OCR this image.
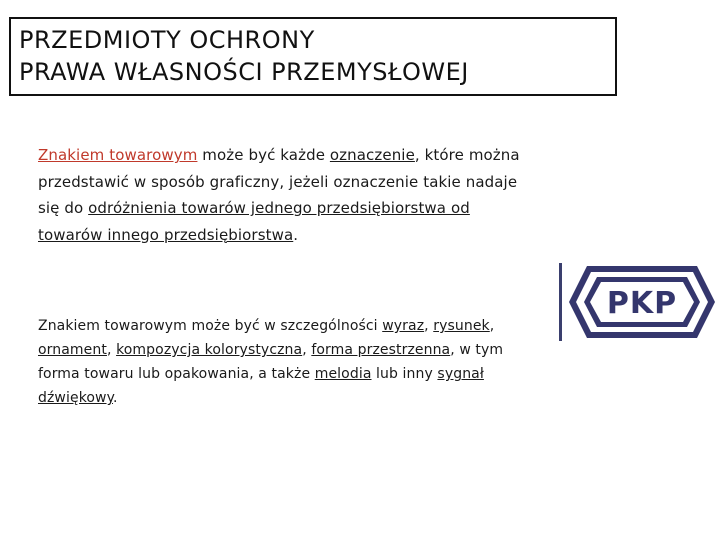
PRZEDMIOTY OCHRONY
PRAWA WŁASNOŚCI PRZEMYSŁOWEJ
Znakiem towarowym może być każde oznaczenie, które można przedstawić w sposób graficzny, jeżeli oznaczenie takie nadaje się do odróżnienia towarów jednego przedsiębiorstwa od towarów innego przedsiębiorstwa.
Znakiem towarowym może być w szczególności wyraz, rysunek, ornament, kompozycja kolorystyczna, forma przestrzenna, w tym forma towaru lub opakowania, a także melodia lub inny sygnał dźwiękowy.
PKP
